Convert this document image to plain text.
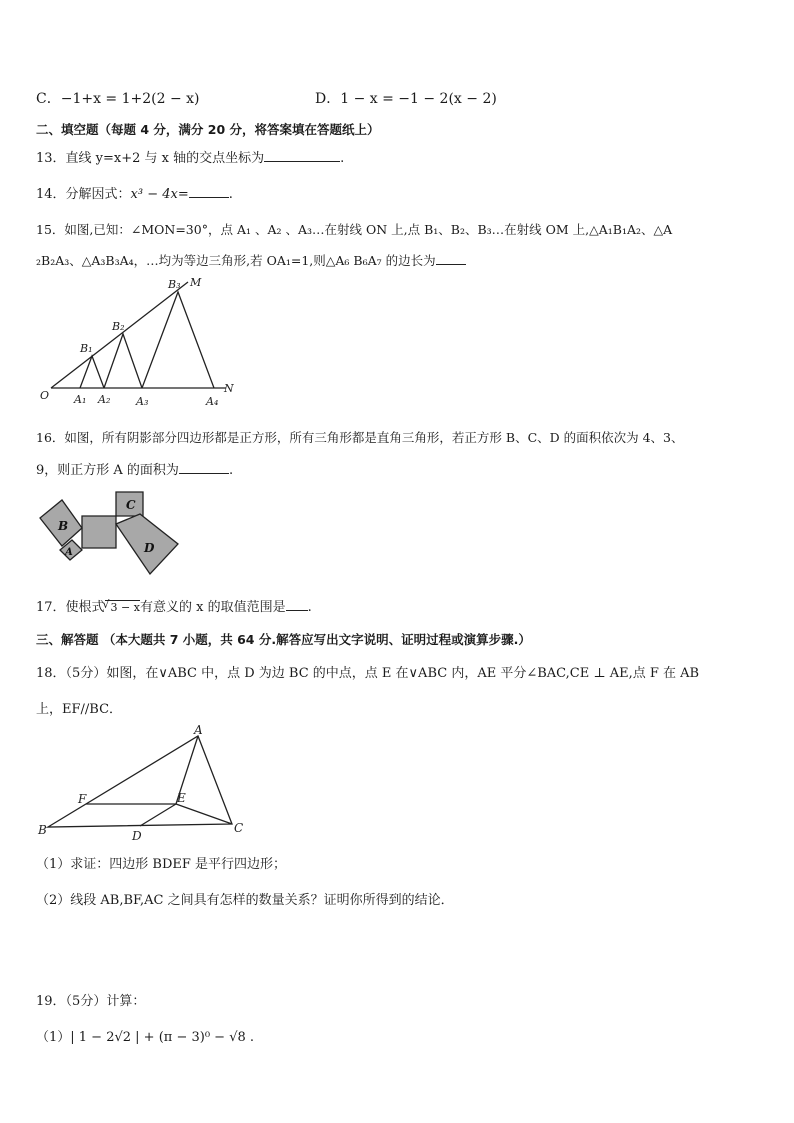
C．−1+x = 1+2(2 − x)	D．1 − x = −1 − 2(x − 2)
二、填空题（每题 4 分，满分 20 分，将答案填在答题纸上）
13．直线 y=x+2 与 x 轴的交点坐标为	.
14．分解因式：x³ − 4x=	.
15．如图,已知：∠MON=30°，点 A₁ 、A₂ 、A₃…在射线 ON 上,点 B₁、B₂、B₃…在射线 OM 上,△A₁B₁A₂、△A
₂B₂A₃、△A₃B₃A₄，…均为等边三角形,若 OA₁=1,则△A₆ B₆A₇ 的边长为
O A₁ A₂ A₃	A₄
N
B₁
B₂
B₃ M
16．如图，所有阴影部分四边形都是正方形，所有三角形都是直角三角形，若正方形 B、C、D 的面积依次为 4、3、
9，则正方形 A 的面积为	.
B
C
D
A
17．使根式
√ 3 − x有意义的 x 的取值范围是 .
三、解答题 （本大题共 7 小题，共 64 分.解答应写出文字说明、证明过程或演算步骤.）
18．（5分）如图，在∨ABC 中，点 D 为边 BC 的中点，点 E 在∨ABC 内，AE 平分∠BAC,CE ⊥ AE,点 F 在 AB
上，EF//BC．
A
F	E
B	D
C
（1）求证：四边形 BDEF 是平行四边形；
（2）线段 AB,BF,AC 之间具有怎样的数量关系？证明你所得到的结论．
19．（5分）计算：
（1）| 1 − 2√2 | + (π − 3)⁰ − √8 .
